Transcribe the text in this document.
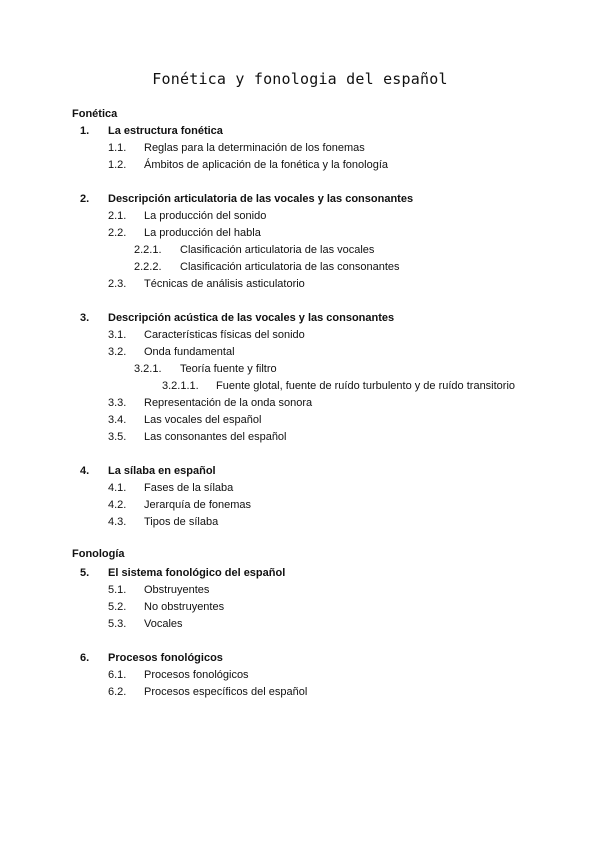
Fonética y fonologia del español
Fonética
1. La estructura fonética
1.1. Reglas para la determinación de los fonemas
1.2. Ámbitos de aplicación de la fonética y la fonología
2. Descripción articulatoria de las vocales y las consonantes
2.1. La producción del sonido
2.2. La producción del habla
2.2.1. Clasificación articulatoria de las vocales
2.2.2. Clasificación articulatoria de las consonantes
2.3. Técnicas de análisis asticulatorio
3. Descripción acústica de las vocales y las consonantes
3.1. Características físicas del sonido
3.2. Onda fundamental
3.2.1. Teoría fuente y filtro
3.2.1.1. Fuente glotal, fuente de ruído turbulento y de ruído transitorio
3.3. Representación de la onda sonora
3.4. Las vocales del español
3.5. Las consonantes del español
4. La sílaba en español
4.1. Fases de la sílaba
4.2. Jerarquía de fonemas
4.3. Tipos de sílaba
Fonología
5. El sistema fonológico del español
5.1. Obstruyentes
5.2. No obstruyentes
5.3. Vocales
6. Procesos fonológicos
6.1. Procesos fonológicos
6.2. Procesos específicos del español
